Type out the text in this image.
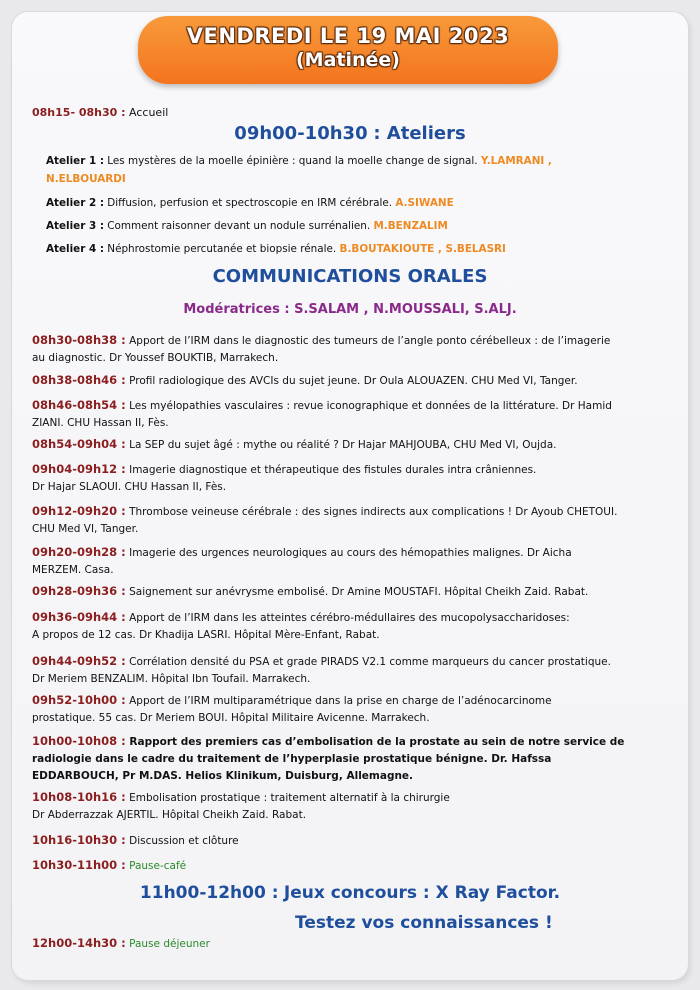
VENDREDI LE 19 MAI 2023
(Matinée)
08h15- 08h30 : Accueil
09h00-10h30 : Ateliers
Atelier 1 : Les mystères de la moelle épinière : quand la moelle change de signal. Y.LAMRANI ,
N.ELBOUARDI
Atelier 2 : Diffusion, perfusion et spectroscopie en IRM cérébrale. A.SIWANE
Atelier 3 : Comment raisonner devant un nodule surrénalien. M.BENZALIM
Atelier 4 : Néphrostomie percutanée et biopsie rénale. B.BOUTAKIOUTE , S.BELASRI
COMMUNICATIONS ORALES
Modératrices : S.SALAM , N.MOUSSALI, S.ALJ.
08h30-08h38 : Apport de l’IRM dans le diagnostic des tumeurs de l’angle ponto cérébelleux : de l’imagerie
au diagnostic. Dr Youssef BOUKTIB, Marrakech.
08h38-08h46 : Profil radiologique des AVCIs du sujet jeune. Dr Oula ALOUAZEN. CHU Med VI, Tanger.
08h46-08h54 : Les myélopathies vasculaires : revue iconographique et données de la littérature. Dr Hamid
ZIANI. CHU Hassan II, Fès.
08h54-09h04 : La SEP du sujet âgé : mythe ou réalité ? Dr Hajar MAHJOUBA, CHU Med VI, Oujda.
09h04-09h12 : Imagerie diagnostique et thérapeutique des fistules durales intra crâniennes.
Dr Hajar SLAOUI. CHU Hassan II, Fès.
09h12-09h20 : Thrombose veineuse cérébrale : des signes indirects aux complications ! Dr Ayoub CHETOUI.
CHU Med VI, Tanger.
09h20-09h28 : Imagerie des urgences neurologiques au cours des hémopathies malignes. Dr Aicha
MERZEM. Casa.
09h28-09h36 : Saignement sur anévrysme embolisé. Dr Amine MOUSTAFI. Hôpital Cheikh Zaid. Rabat.
09h36-09h44 : Apport de l’IRM dans les atteintes cérébro-médullaires des mucopolysaccharidoses:
A propos de 12 cas. Dr Khadija LASRI. Hôpital Mère-Enfant, Rabat.
09h44-09h52 : Corrélation densité du PSA et grade PIRADS V2.1 comme marqueurs du cancer prostatique.
Dr Meriem BENZALIM. Hôpital Ibn Toufail. Marrakech.
09h52-10h00 : Apport de l’IRM multiparamétrique dans la prise en charge de l’adénocarcinome
prostatique. 55 cas. Dr Meriem BOUI. Hôpital Militaire Avicenne. Marrakech.
10h00-10h08 : Rapport des premiers cas d’embolisation de la prostate au sein de notre service de
radiologie dans le cadre du traitement de l’hyperplasie prostatique bénigne. Dr. Hafssa
EDDARBOUCH, Pr M.DAS. Helios Klinikum, Duisburg, Allemagne.
10h08-10h16 : Embolisation prostatique : traitement alternatif à la chirurgie
Dr Abderrazzak AJERTIL. Hôpital Cheikh Zaid. Rabat.
10h16-10h30 : Discussion et clôture
10h30-11h00 : Pause-café
11h00-12h00 : Jeux concours : X Ray Factor.
Testez vos connaissances !
12h00-14h30 : Pause déjeuner
